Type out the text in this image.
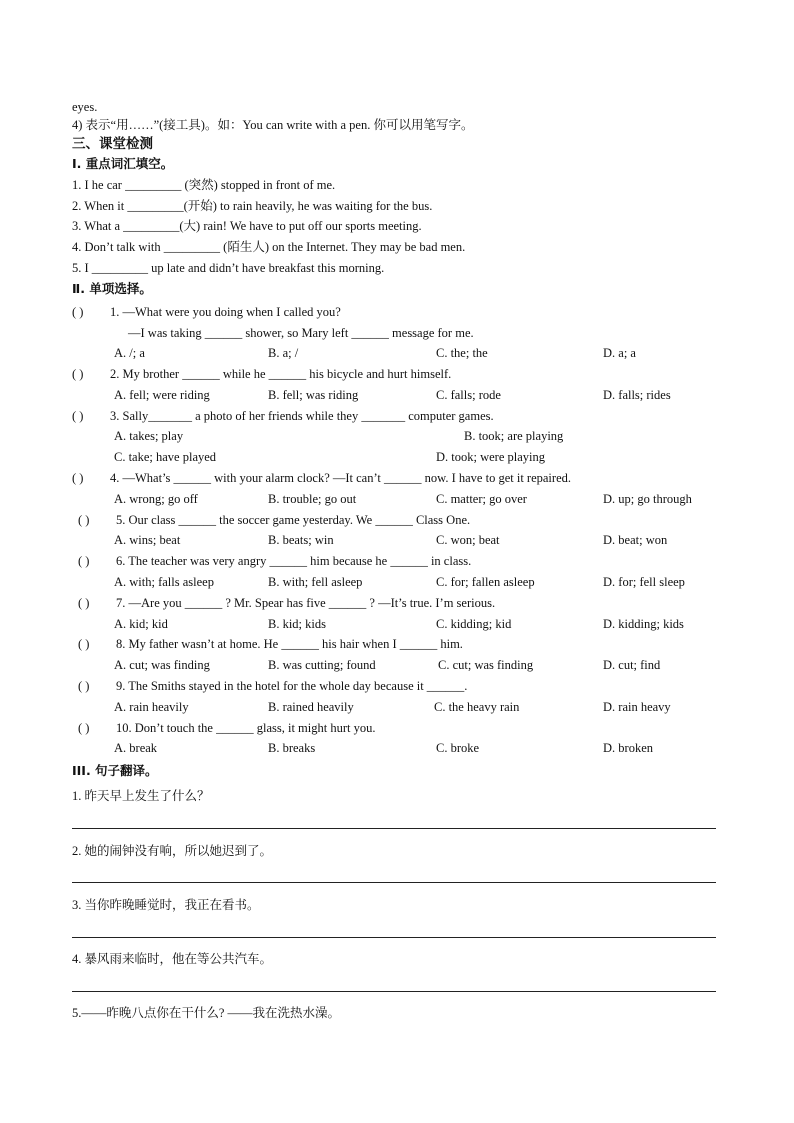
eyes.
4) 表示“用……”(接工具)。如：You can write with a pen. 你可以用笔写字。
三、课堂检测
Ⅰ. 重点词汇填空。
1. I he car _________ (突然) stopped in front of me.
2. When it _________(开始) to rain heavily, he was waiting for the bus.
3. What a _________(大) rain! We have to put off our sports meeting.
4. Don’t talk with _________ (陌生人) on the Internet. They may be bad men.
5. I _________ up late and didn’t have breakfast this morning.
Ⅱ. 单项选择。
( ) 1. —What were you doing when I called you?
—I was taking ______ shower, so Mary left ______ message for me.
A. /; a	B. a; /	C. the; the	D. a; a
( ) 2. My brother ______ while he ______ his bicycle and hurt himself.
A. fell; were riding	B. fell; was riding	C. falls; rode	D. falls; rides
( ) 3. Sally_______ a photo of her friends while they _______ computer games.
A. takes; play	B. took; are playing
C. take; have played	D. took; were playing
( ) 4. —What’s ______ with your alarm clock? —It can’t ______ now. I have to get it repaired.
A. wrong; go off	B. trouble; go out	C. matter; go over	D. up; go through
( ) 5. Our class ______ the soccer game yesterday. We ______ Class One.
A. wins; beat	B. beats; win	C. won; beat	D. beat; won
( ) 6. The teacher was very angry ______ him because he ______ in class.
A. with; falls asleep	B. with; fell asleep	C. for; fallen asleep	D. for; fell sleep
( ) 7. —Are you ______ ? Mr. Spear has five ______ ? —It’s true. I’m serious.
A. kid; kid	B. kid; kids	C. kidding; kid	D. kidding; kids
( ) 8. My father wasn’t at home. He ______ his hair when I ______ him.
A. cut; was finding	B. was cutting; found	C. cut; was finding	D. cut; find
( ) 9. The Smiths stayed in the hotel for the whole day because it ______.
A. rain heavily	B. rained heavily	C. the heavy rain	D. rain heavy
( ) 10. Don’t touch the ______ glass, it might hurt you.
A. break	B. breaks	C. broke	D. broken
III. 句子翻译。
1. 昨天早上发生了什么？
2. 她的闹钟没有响，所以她迟到了。
3. 当你昨晚睡觉时，我正在看书。
4. 暴风雨来临时，他在等公共汽车。
5.——昨晚八点你在干什么? ——我在洗热水澡。
